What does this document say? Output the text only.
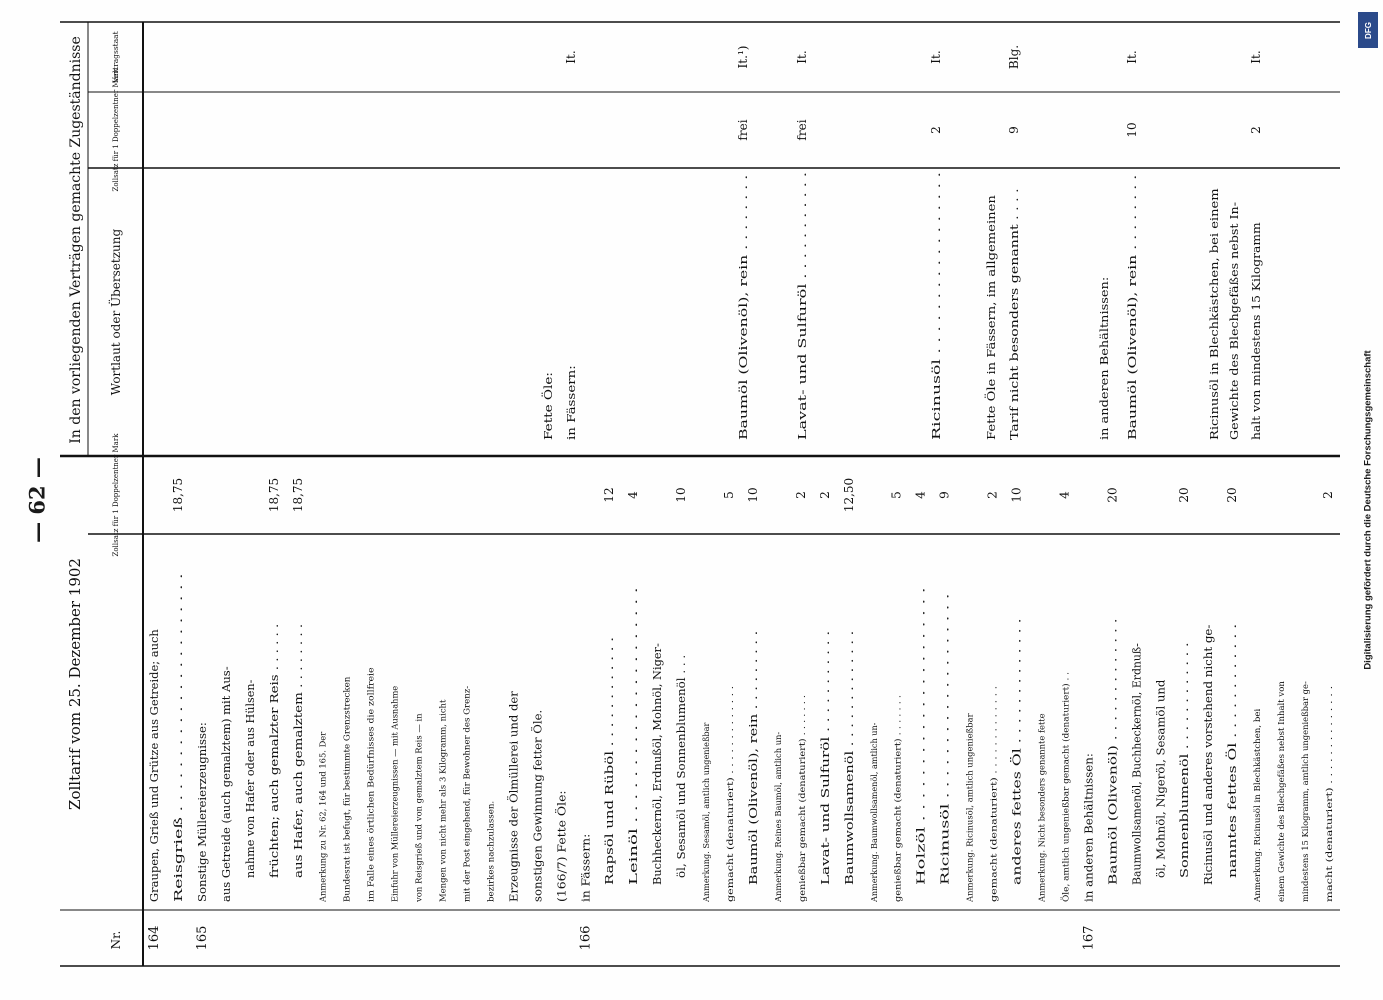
— 62 —
Zolltarif vom 25. Dezember 1902
In den vorliegenden Verträgen gemachte Zugeständnisse
Nr.
Zollsatz für 1 Doppelzentner Mark
Wortlaut oder Übersetzung
Zollsatz für 1 Doppelzentner Mark
Vertragsstaat
164
Graupen, Grieß und Grütze aus Getreide; auch Reisgrieß . . . . . . . . . . . . . . . . . . . . . .
18,75
165
Sonstige Müllereierzeugnisse: aus Getreide (auch gemalztem) mit Aus- nahme von Hafer oder aus Hülsen- früchten; auch gemalzter Reis . . . . . .
18,75
aus Hafer, auch gemalztem . . . . . . . .
18,75
Anmerkung zu Nr. 62, 164 und 165. Der Bundesrat ist befugt, für bestimmte Grenzstrecken im Falle eines örtlichen Bedürfnisses die zollfreie Einfuhr von Müllereierzeugnissen — mit Ausnahme von Reisgrieß und von gemalztem Reis — in Mengen von nicht mehr als 3 Kilogramm, nicht mit der Post eingehend, für Bewohner des Grenz- bezirkes nachzulassen. Erzeugnisse der Ölmüllerei und der sonstigen Gewinnung fetter Öle. (166/7) Fette Öle:
166
in Fässern: Rapsöl und Rüböl . . . . . . . . . . . .
12
Leinöl . . . . . . . . . . . . . . . . . . . . .
4
Buchheckernöl, Erdnußöl, Mohnöl, Niger- öl, Sesamöl und Sonnenblumenöl . . .
10
Anmerkung. Sesamöl, amtlich ungenießbar gemacht (denaturiert) . . . . . . . . . . . . .
5
Baumöl (Olivenöl), rein . . . . . . . . .
10
Anmerkung. Reines Baumöl, amtlich un- genießbar gemacht (denaturiert) . . . . . . .
2
Lavat- und Sulfuröl . . . . . . . . . . .
2
Baumwollsamenöl . . . . . . . . . . . . .
12,50
Anmerkung. Baumwollsamenöl, amtlich un- genießbar gemacht (denaturiert) . . . . . . .
5
Holzöl . . . . . . . . . . . . . . . . . . . . .
4
Ricinusöl . . . . . . . . . . . . . . . . . . .
9
Anmerkung. Ricinusöl, amtlich ungenießbar gemacht (denaturiert) . . . . . . . . . . . . .
2
anderes fettes Öl . . . . . . . . . . . . .
10
Anmerkung. Nicht besonders genannte fette Öle, amtlich ungenießbar gemacht (denaturiert) . .
4
167
in anderen Behältnissen: Baumöl (Olivenöl) . . . . . . . . . . . . .
20
Baumwollsamenöl, Buchheckernöl, Erdnuß- öl, Mohnöl, Nigeröl, Sesamöl und Sonnenblumenöl . . . . . . . . . . . .
20
Ricinusöl und anderes vorstehend nicht ge- nanntes fettes Öl . . . . . . . . . . . .
20
Anmerkung. Ricinusöl in Blechkästchen, bei einem Gewichte des Blechgefäßes nebst Inhalt von mindestens 15 Kilogramm, amtlich ungenießbar ge- macht (denaturiert) . . . . . . . . . . . . . .
2
Fette Öle: in Fässern:
It.
Baumöl (Olivenöl), rein . . . . . . . .
frei
It.¹)
Lavat- und Sulfuröl . . . . . . . . . . .
frei
It.
Ricinusöl . . . . . . . . . . . . . . . . .
2
It.
Fette Öle in Fässern, im allgemeinen Tarif nicht besonders genannt . . . .
9
Blg.
in anderen Behältnissen: Baumöl (Olivenöl), rein . . . . . . . .
10
It.
Ricinusöl in Blechkästchen, bei einem Gewichte des Blechgefäßes nebst In- halt von mindestens 15 Kilogramm
2
It.
DFG
Digitalisierung gefördert durch die Deutsche Forschungsgemeinschaft
